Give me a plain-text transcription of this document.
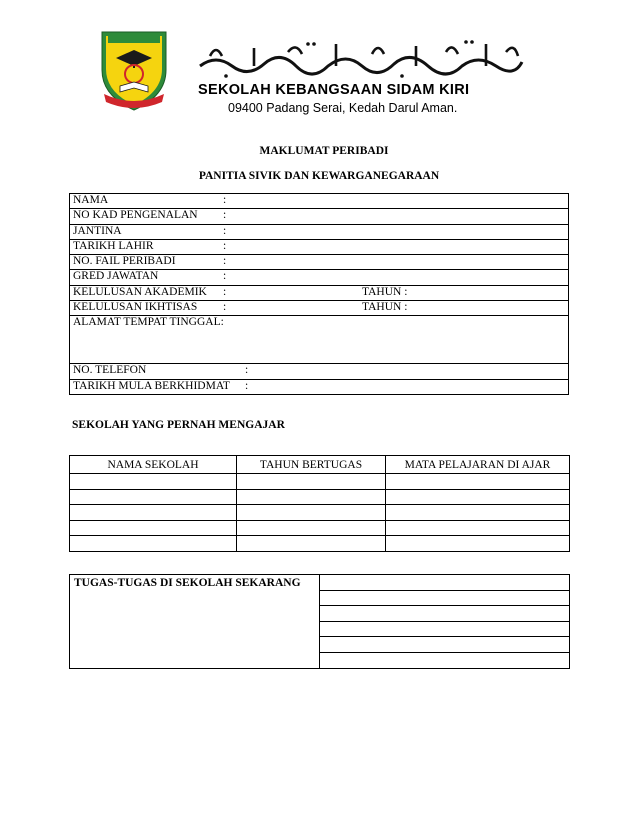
SEKOLAH KEBANGSAAN SIDAM KIRI
09400 Padang Serai, Kedah Darul Aman.
MAKLUMAT PERIBADI
PANITIA SIVIK DAN KEWARGANEGARAAN
NAMA	:
NO KAD PENGENALAN :
JANTINA	:
TARIKH LAHIR	:
NO. FAIL PERIBADI	:
GRED JAWATAN	:
KELULUSAN AKADEMIK :	TAHUN :

KELULUSAN IKHTISAS :	TAHUN :

ALAMAT TEMPAT TINGGAL:
NO. TELEFON	:
TARIKH MULA BERKHIDMAT :
SEKOLAH YANG PERNAH MENGAJAR
NAMA SEKOLAH	TAHUN BERTUGAS	MATA PELAJARAN DI AJAR

TUGAS-TUGAS DI SEKOLAH SEKARANG	
